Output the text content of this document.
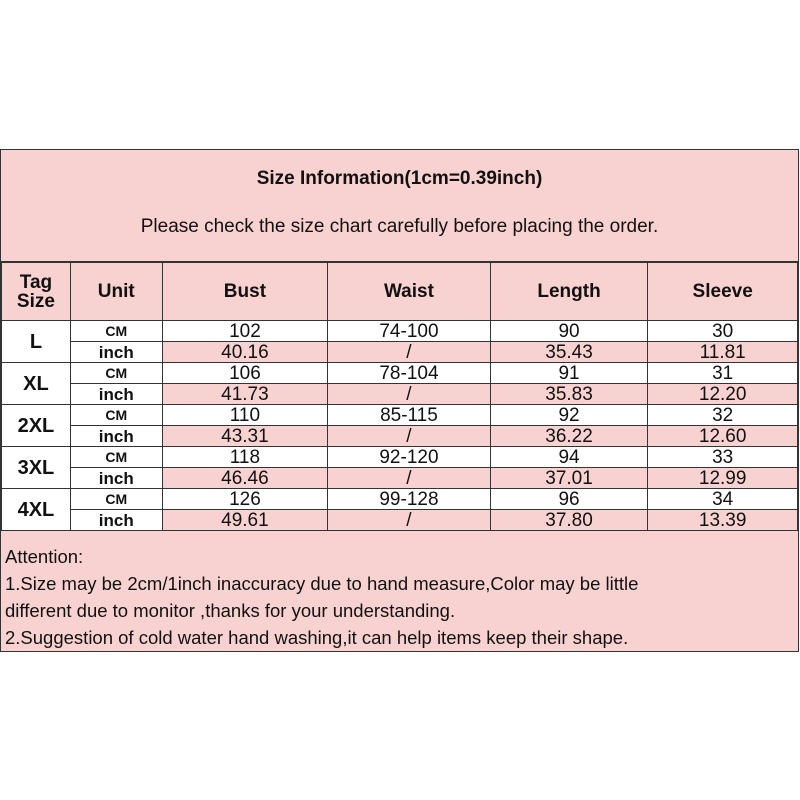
Size Information(1cm=0.39inch)
Please check the size chart carefully before placing the order.
Tag
Size	Unit	Bust	Waist	Length	Sleeve
L	CM	102	74-100	90	30
	inch	40.16	/	35.43	11.81
XL	CM	106	78-104	91	31
	inch	41.73	/	35.83	12.20
2XL	CM	110	85-115	92	32
	inch	43.31	/	36.22	12.60
3XL	CM	118	92-120	94	33
	inch	46.46	/	37.01	12.99
4XL	CM	126	99-128	96	34
	inch	49.61	/	37.80	13.39
Attention:
1.Size may be 2cm/1inch inaccuracy due to hand measure,Color may be little
different due to monitor ,thanks for your understanding.
2.Suggestion of cold water hand washing,it can help items keep their shape.
